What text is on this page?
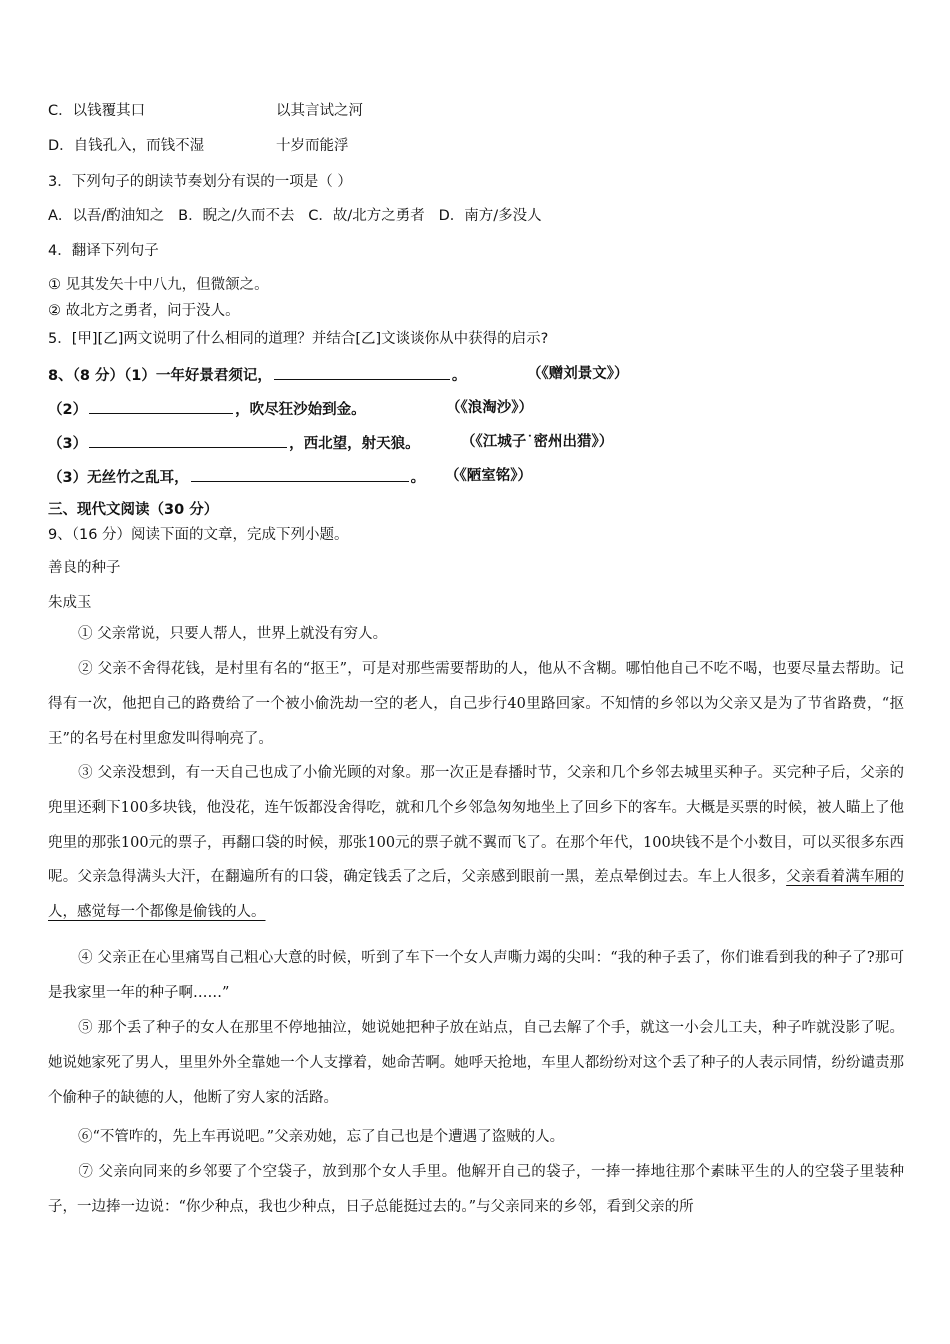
C．以钱覆其口	以其言试之河
D．自钱孔入，而钱不湿	十岁而能浮
3．下列句子的朗读节奏划分有误的一项是（ ）
A．以吾/酌油知之   B．睨之/久而不去   C．故/北方之勇者   D．南方/多没人
4．翻译下列句子
① 见其发矢十中八九，但微颔之。
② 故北方之勇者，问于没人。
5．[甲][乙]两文说明了什么相同的道理？并结合[乙]文谈谈你从中获得的启示?
8、（8 分）（1）一年好景君须记，	。	（《赠刘景文》）
（2）	，吹尽狂沙始到金。	（《浪淘沙》）
（3）	，西北望，射天狼。	（《江城子˙密州出猎》）
（3）无丝竹之乱耳，	。 （《陋室铭》）
三、现代文阅读（30 分）
9、（16 分）阅读下面的文章，完成下列小题。
善良的种子
朱成玉
① 父亲常说，只要人帮人，世界上就没有穷人。
② 父亲不舍得花钱，是村里有名的“抠王”，可是对那些需要帮助的人，他从不含糊。哪怕他自己不吃不喝，也要尽量去帮助。记得有一次，他把自己的路费给了一个被小偷洗劫一空的老人，自己步行40里路回家。不知情的乡邻以为父亲又是为了节省路费，“抠王”的名号在村里愈发叫得响亮了。
③ 父亲没想到，有一天自己也成了小偷光顾的对象。那一次正是春播时节，父亲和几个乡邻去城里买种子。买完种子后，父亲的兜里还剩下100多块钱，他没花，连午饭都没舍得吃，就和几个乡邻急匆匆地坐上了回乡下的客车。大概是买票的时候，被人瞄上了他兜里的那张100元的票子，再翻口袋的时候，那张100元的票子就不翼而飞了。在那个年代，100块钱不是个小数目，可以买很多东西呢。父亲急得满头大汗，在翻遍所有的口袋，确定钱丢了之后，父亲感到眼前一黑，差点晕倒过去。车上人很多，父亲看着满车厢的人，感觉每一个都像是偷钱的人。
④ 父亲正在心里痛骂自己粗心大意的时候，听到了车下一个女人声嘶力竭的尖叫：“我的种子丢了，你们谁看到我的种子了?那可是我家里一年的种子啊……”
⑤ 那个丢了种子的女人在那里不停地抽泣，她说她把种子放在站点，自己去解了个手，就这一小会儿工夫，种子咋就没影了呢。她说她家死了男人，里里外外全靠她一个人支撑着，她命苦啊。她呼天抢地，车里人都纷纷对这个丢了种子的人表示同情，纷纷谴责那个偷种子的缺德的人，他断了穷人家的活路。
⑥“不管咋的，先上车再说吧。”父亲劝她，忘了自己也是个遭遇了盗贼的人。
⑦ 父亲向同来的乡邻要了个空袋子，放到那个女人手里。他解开自己的袋子，一捧一捧地往那个素昧平生的人的空袋子里装种子，一边捧一边说：“你少种点，我也少种点，日子总能挺过去的。”与父亲同来的乡邻，看到父亲的所
